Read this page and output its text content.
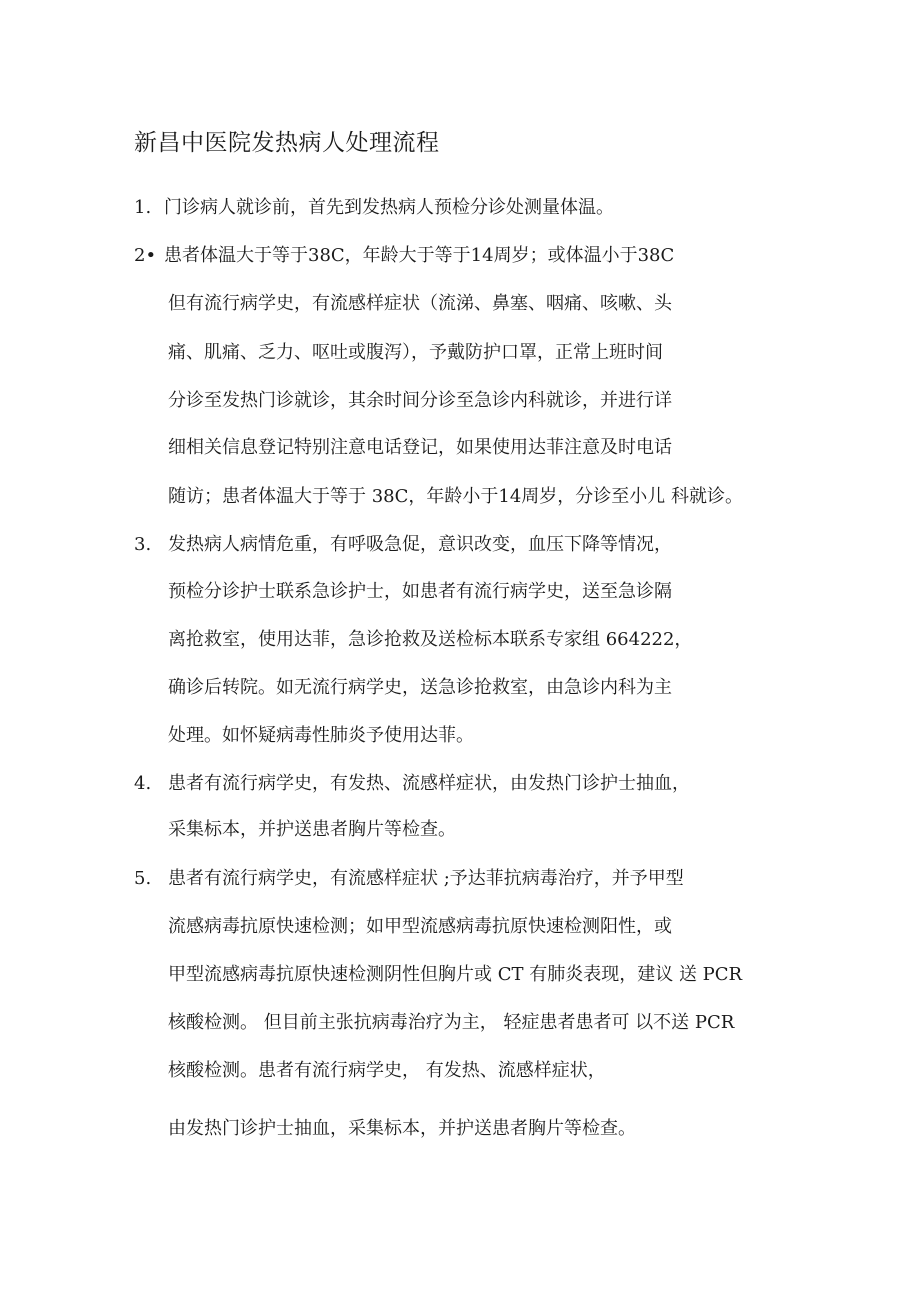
新昌中医院发热病人处理流程
1. 门诊病人就诊前，首先到发热病人预检分诊处测量体温。
2• 患者体温大于等于38C，年龄大于等于14周岁；或体温小于38C
但有流行病学史，有流感样症状（流涕、鼻塞、咽痛、咳嗽、头
痛、肌痛、乏力、呕吐或腹泻），予戴防护口罩，正常上班时间
分诊至发热门诊就诊，其余时间分诊至急诊内科就诊，并进行详
细相关信息登记特别注意电话登记，如果使用达菲注意及时电话
随访；患者体温大于等于 38C，年龄小于14周岁，分诊至小儿 科就诊。
3. 发热病人病情危重，有呼吸急促，意识改变，血压下降等情况，
预检分诊护士联系急诊护士，如患者有流行病学史，送至急诊隔
离抢救室，使用达菲，急诊抢救及送检标本联系专家组 664222，
确诊后转院。如无流行病学史，送急诊抢救室，由急诊内科为主
处理。如怀疑病毒性肺炎予使用达菲。
4. 患者有流行病学史，有发热、流感样症状，由发热门诊护士抽血，
采集标本，并护送患者胸片等检查。
5. 患者有流行病学史，有流感样症状 ;予达菲抗病毒治疗，并予甲型
流感病毒抗原快速检测；如甲型流感病毒抗原快速检测阳性，或
甲型流感病毒抗原快速检测阴性但胸片或 CT 有肺炎表现，建议 送 PCR
核酸检测。 但目前主张抗病毒治疗为主， 轻症患者患者可 以不送 PCR
核酸检测。患者有流行病学史， 有发热、流感样症状，
由发热门诊护士抽血，采集标本，并护送患者胸片等检查。
